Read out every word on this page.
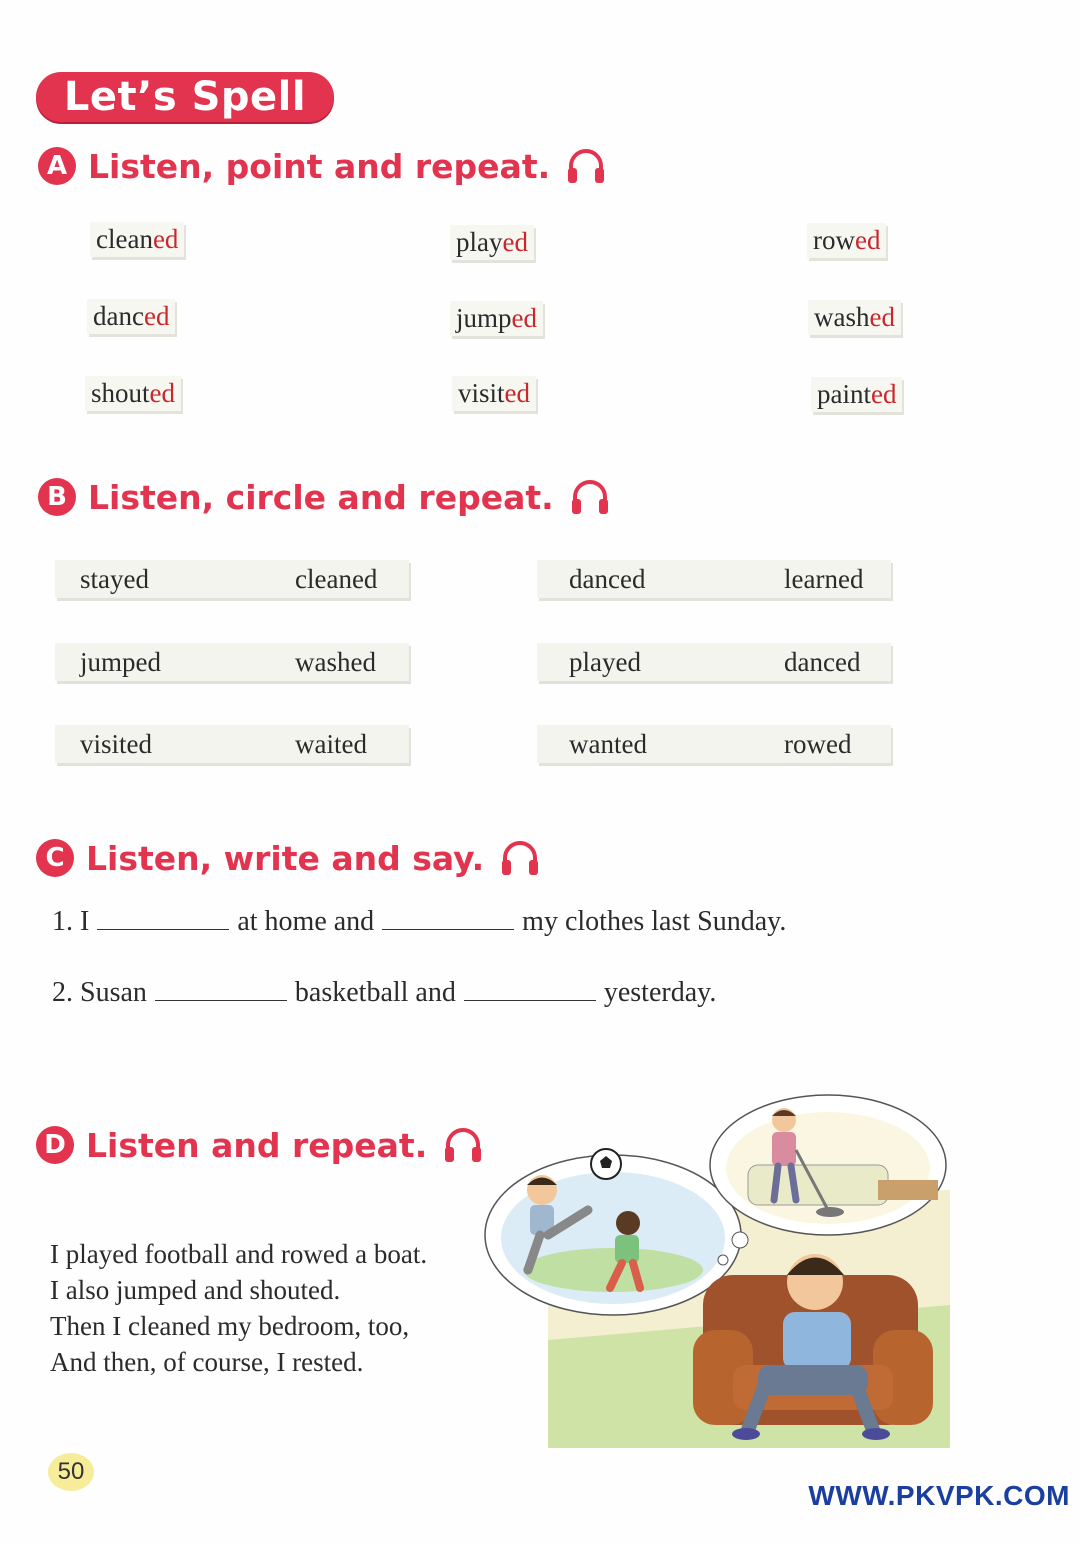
Let’s Spell
A Listen, point and repeat.
cleaned	played	rowed
danced	jumped	washed
shouted	visited	painted
B Listen, circle and repeat.
stayed	cleaned	danced	learned
jumped	washed	played	danced
visited	waited	wanted	rowed
C Listen, write and say.
1. I	at home and	my clothes last Sunday.
2. Susan	basketball and	yesterday.
D Listen and repeat.
I played football and rowed a boat.
I also jumped and shouted.
Then I cleaned my bedroom, too,
And then, of course, I rested.
50
WWW.PKVPK.COM
